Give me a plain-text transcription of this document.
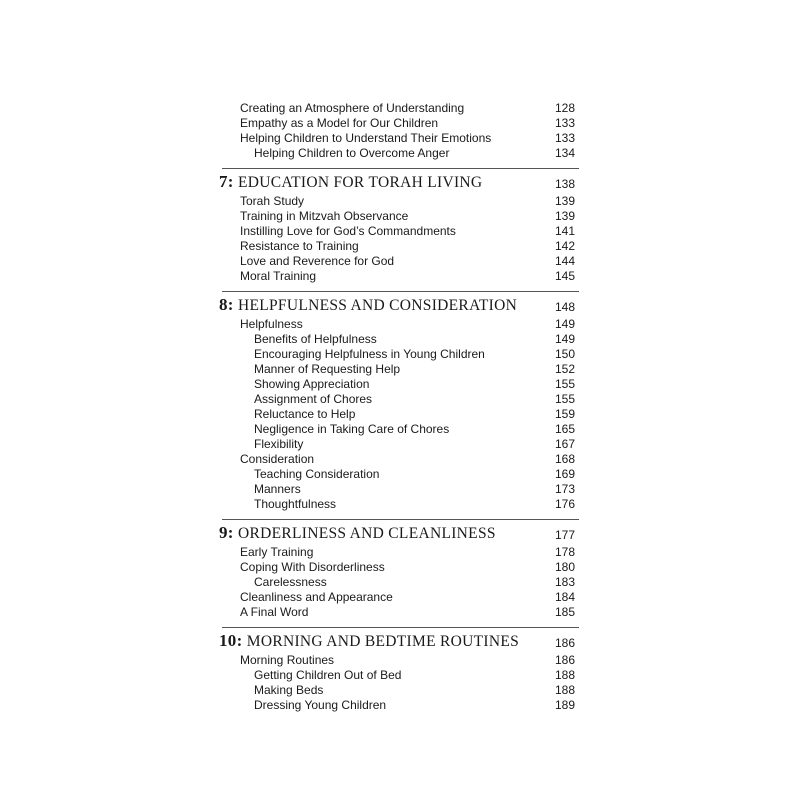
Creating an Atmosphere of Understanding	128
Empathy as a Model for Our Children	133
Helping Children to Understand Their Emotions	133
Helping Children to Overcome Anger	134
7: EDUCATION FOR TORAH LIVING	138
Torah Study	139
Training in Mitzvah Observance	139
Instilling Love for God’s Commandments	141
Resistance to Training	142
Love and Reverence for God	144
Moral Training	145
8: HELPFULNESS AND CONSIDERATION	148
Helpfulness	149
Benefits of Helpfulness	149
Encouraging Helpfulness in Young Children	150
Manner of Requesting Help	152
Showing Appreciation	155
Assignment of Chores	155
Reluctance to Help	159
Negligence in Taking Care of Chores	165
Flexibility	167
Consideration	168
Teaching Consideration	169
Manners	173
Thoughtfulness	176
9: ORDERLINESS AND CLEANLINESS	177
Early Training	178
Coping With Disorderliness	180
Carelessness	183
Cleanliness and Appearance	184
A Final Word	185
10: MORNING AND BEDTIME ROUTINES	186
Morning Routines	186
Getting Children Out of Bed	188
Making Beds	188
Dressing Young Children	189
